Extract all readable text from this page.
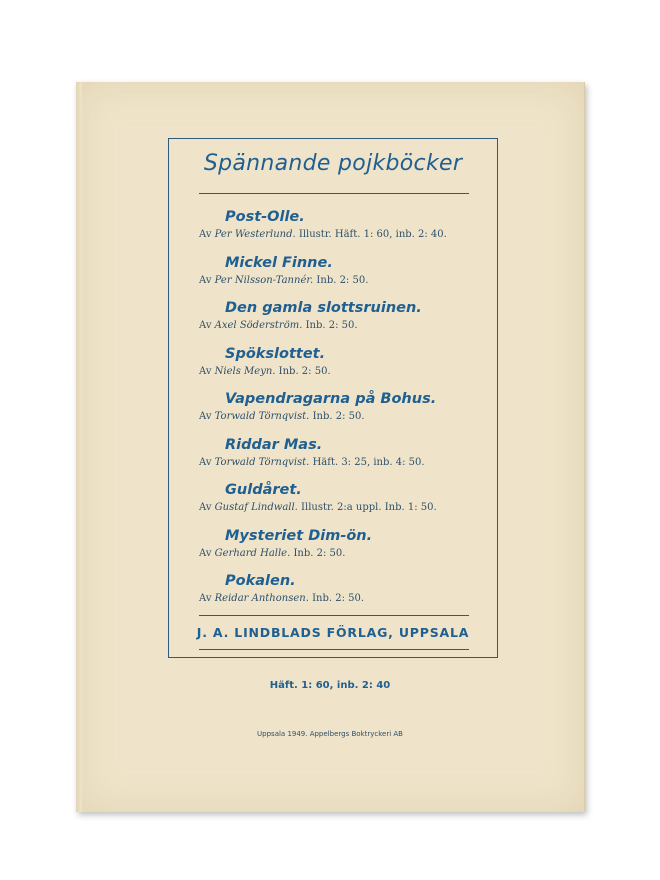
Spännande pojkböcker
Post-Olle.
Av Per Westerlund. Illustr. Häft. 1: 60, inb. 2: 40.
Mickel Finne.
Av Per Nilsson-Tannér. Inb. 2: 50.
Den gamla slottsruinen.
Av Axel Söderström. Inb. 2: 50.
Spökslottet.
Av Niels Meyn. Inb. 2: 50.
Vapendragarna på Bohus.
Av Torwald Törnqvist. Inb. 2: 50.
Riddar Mas.
Av Torwald Törnqvist. Häft. 3: 25, inb. 4: 50.
Guldåret.
Av Gustaf Lindwall. Illustr. 2:a uppl. Inb. 1: 50.
Mysteriet Dim-ön.
Av Gerhard Halle. Inb. 2: 50.
Pokalen.
Av Reidar Anthonsen. Inb. 2: 50.
J. A. LINDBLADS FÖRLAG, UPPSALA
Häft. 1: 60, inb. 2: 40
Uppsala 1949. Appelbergs Boktryckeri AB
